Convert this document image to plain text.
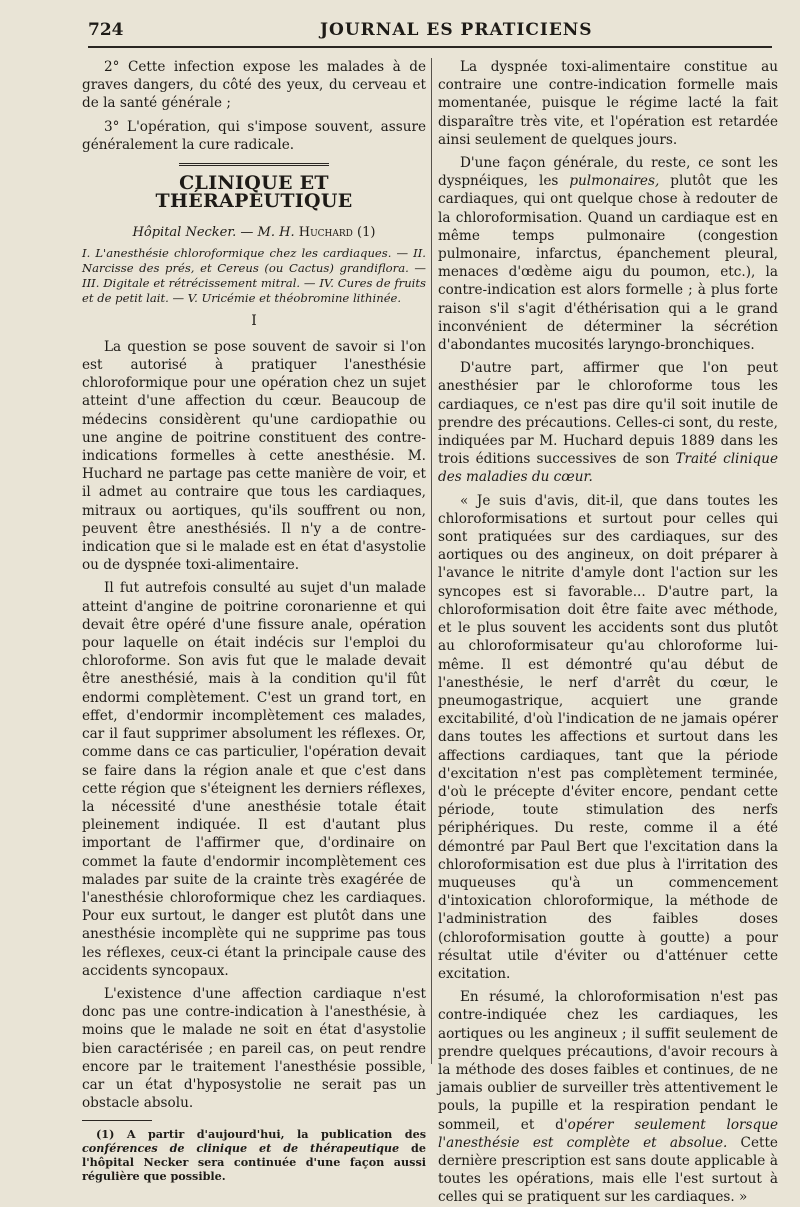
724	JOURNAL ES PRATICIENS

2° Cette infection expose les malades à de graves dangers, du côté des yeux, du cerveau et de la santé générale ;

3° L'opération, qui s'impose souvent, assure généralement la cure radicale.

CLINIQUE ET THÉRAPEUTIQUE
Hôpital Necker. — M. H. Huchard (1)

I. L'anesthésie chloroformique chez les cardiaques. — II. Narcisse des prés, et Cereus (ou Cactus) grandiflora. — III. Digitale et rétrécissement mitral. — IV. Cures de fruits et de petit lait. — V. Uricémie et théobromine lithinée.

I

La question se pose souvent de savoir si l'on est autorisé à pratiquer l'anesthésie chloroformique pour une opération chez un sujet atteint d'une affection du cœur. Beaucoup de médecins considèrent qu'une cardiopathie ou une angine de poitrine constituent des contre-indications formelles à cette anesthésie. M. Huchard ne partage pas cette manière de voir, et il admet au contraire que tous les cardiaques, mitraux ou aortiques, qu'ils souffrent ou non, peuvent être anesthésiés. Il n'y a de contre-indication que si le malade est en état d'asystolie ou de dyspnée toxi-alimentaire.

Il fut autrefois consulté au sujet d'un malade atteint d'angine de poitrine coronarienne et qui devait être opéré d'une fissure anale, opération pour laquelle on était indécis sur l'emploi du chloroforme. Son avis fut que le malade devait être anesthésié, mais à la condition qu'il fût endormi complètement. C'est un grand tort, en effet, d'endormir incomplètement ces malades, car il faut supprimer absolument les réflexes. Or, comme dans ce cas particulier, l'opération devait se faire dans la région anale et que c'est dans cette région que s'éteignent les derniers réflexes, la nécessité d'une anesthésie totale était pleinement indiquée. Il est d'autant plus important de l'affirmer que, d'ordinaire on commet la faute d'endormir incomplètement ces malades par suite de la crainte très exagérée de l'anesthésie chloroformique chez les cardiaques. Pour eux surtout, le danger est plutôt dans une anesthésie incomplète qui ne supprime pas tous les réflexes, ceux-ci étant la principale cause des accidents syncopaux.

L'existence d'une affection cardiaque n'est donc pas une contre-indication à l'anesthésie, à moins que le malade ne soit en état d'asystolie bien caractérisée ; en pareil cas, on peut rendre encore par le traitement l'anesthésie possible, car un état d'hyposystolie ne serait pas un obstacle absolu.

(1) A partir d'aujourd'hui, la publication des conférences de clinique et de thérapeutique de l'hôpital Necker sera continuée d'une façon aussi régulière que possible.

La dyspnée toxi-alimentaire constitue au contraire une contre-indication formelle mais momentanée, puisque le régime lacté la fait disparaître très vite, et l'opération est retardée ainsi seulement de quelques jours.

D'une façon générale, du reste, ce sont les dyspnéiques, les pulmonaires, plutôt que les cardiaques, qui ont quelque chose à redouter de la chloroformisation. Quand un cardiaque est en même temps pulmonaire (congestion pulmonaire, infarctus, épanchement pleural, menaces d'œdème aigu du poumon, etc.), la contre-indication est alors formelle ; à plus forte raison s'il s'agit d'éthérisation qui a le grand inconvénient de déterminer la sécrétion d'abondantes mucosités laryngo-bronchiques.

D'autre part, affirmer que l'on peut anesthésier par le chloroforme tous les cardiaques, ce n'est pas dire qu'il soit inutile de prendre des précautions. Celles-ci sont, du reste, indiquées par M. Huchard depuis 1889 dans les trois éditions successives de son Traité clinique des maladies du cœur.

« Je suis d'avis, dit-il, que dans toutes les chloroformisations et surtout pour celles qui sont pratiquées sur des cardiaques, sur des aortiques ou des angineux, on doit préparer à l'avance le nitrite d'amyle dont l'action sur les syncopes est si favorable... D'autre part, la chloroformisation doit être faite avec méthode, et le plus souvent les accidents sont dus plutôt au chloroformisateur qu'au chloroforme lui-même. Il est démontré qu'au début de l'anesthésie, le nerf d'arrêt du cœur, le pneumogastrique, acquiert une grande excitabilité, d'où l'indication de ne jamais opérer dans toutes les affections et surtout dans les affections cardiaques, tant que la période d'excitation n'est pas complètement terminée, d'où le précepte d'éviter encore, pendant cette période, toute stimulation des nerfs périphériques. Du reste, comme il a été démontré par Paul Bert que l'excitation dans la chloroformisation est due plus à l'irritation des muqueuses qu'à un commencement d'intoxication chloroformique, la méthode de l'administration des faibles doses (chloroformisation goutte à goutte) a pour résultat utile d'éviter ou d'atténuer cette excitation.

En résumé, la chloroformisation n'est pas contre-indiquée chez les cardiaques, les aortiques ou les angineux ; il suffit seulement de prendre quelques précautions, d'avoir recours à la méthode des doses faibles et continues, de ne jamais oublier de surveiller très attentivement le pouls, la pupille et la respiration pendant le sommeil, et d'opérer seulement lorsque l'anesthésie est complète et absolue. Cette dernière prescription est sans doute applicable à toutes les opérations, mais elle l'est surtout à celles qui se pratiquent sur les cardiaques. »
